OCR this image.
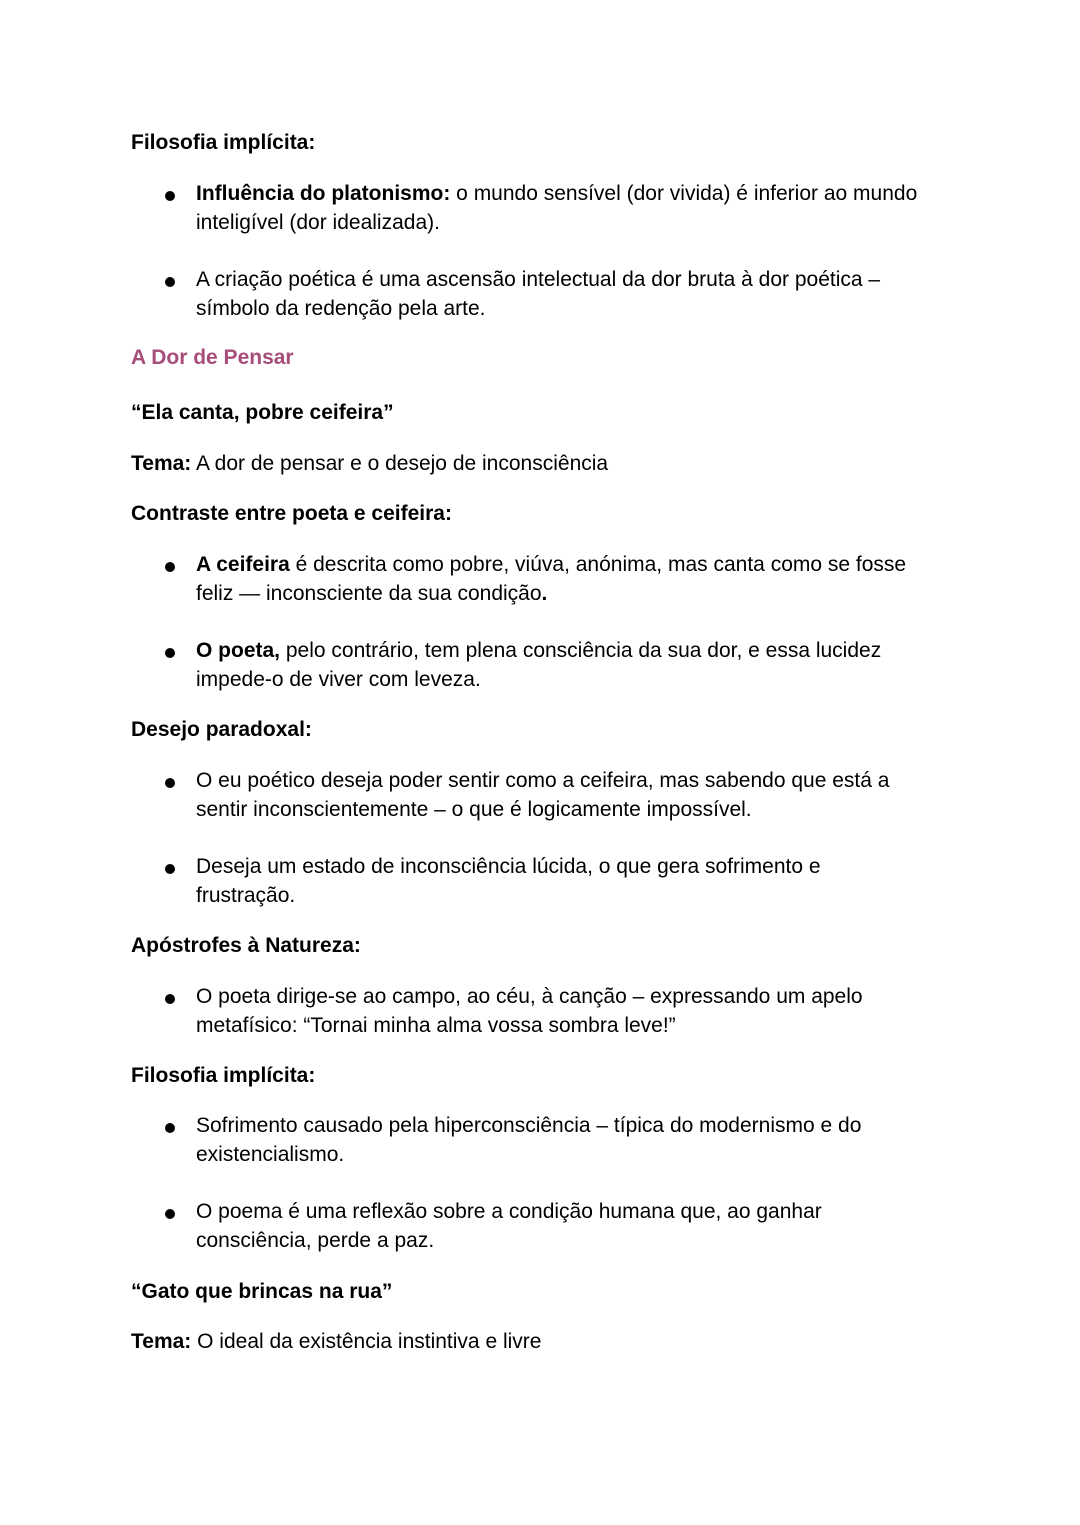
Filosofia implícita:
Influência do platonismo: o mundo sensível (dor vivida) é inferior ao mundo
inteligível (dor idealizada).
A criação poética é uma ascensão intelectual da dor bruta à dor poética –
símbolo da redenção pela arte.
A Dor de Pensar
“Ela canta, pobre ceifeira”
Tema: A dor de pensar e o desejo de inconsciência
Contraste entre poeta e ceifeira:
A ceifeira é descrita como pobre, viúva, anónima, mas canta como se fosse
feliz — inconsciente da sua condição.
O poeta, pelo contrário, tem plena consciência da sua dor, e essa lucidez
impede-o de viver com leveza.
Desejo paradoxal:
O eu poético deseja poder sentir como a ceifeira, mas sabendo que está a
sentir inconscientemente – o que é logicamente impossível.
Deseja um estado de inconsciência lúcida, o que gera sofrimento e
frustração.
Apóstrofes à Natureza:
O poeta dirige-se ao campo, ao céu, à canção – expressando um apelo
metafísico: “Tornai minha alma vossa sombra leve!”
Filosofia implícita:
Sofrimento causado pela hiperconsciência – típica do modernismo e do
existencialismo.
O poema é uma reflexão sobre a condição humana que, ao ganhar
consciência, perde a paz.
“Gato que brincas na rua”
Tema: O ideal da existência instintiva e livre
